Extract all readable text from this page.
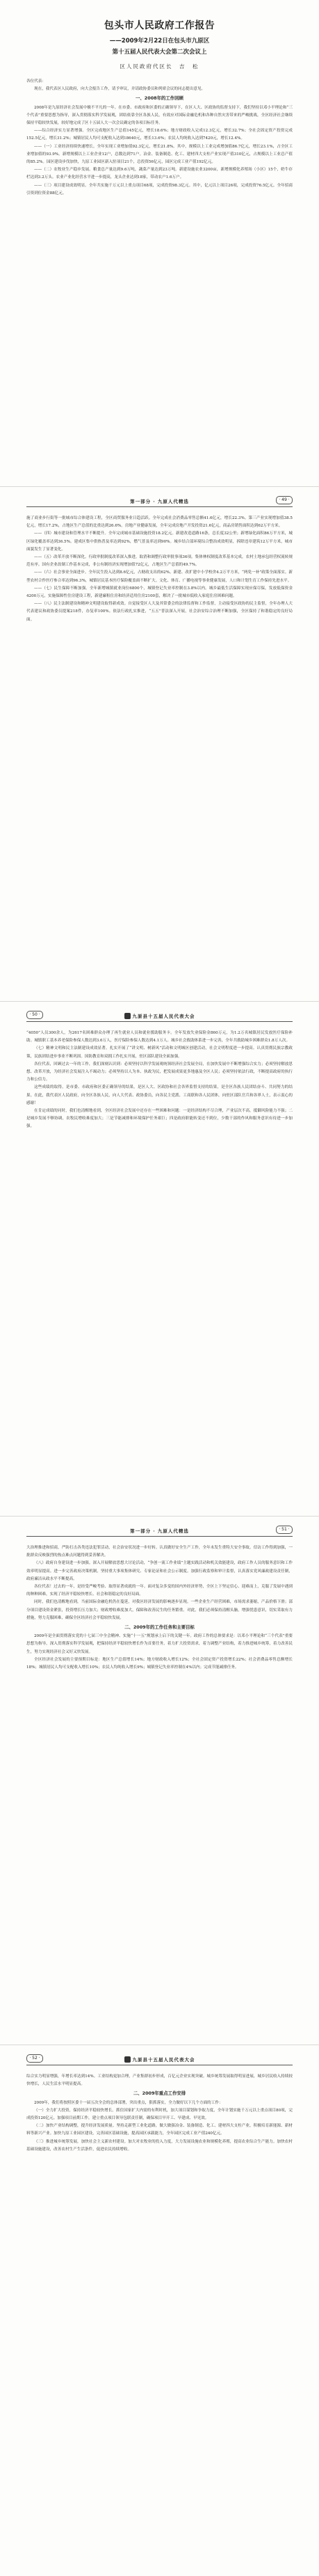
包头市人民政府工作报告
——2009年2月22日在包头市九原区
第十五届人民代表大会第二次会议上
区人民政府代区长　吉　松

各位代表：

现在，我代表区人民政府，向大会报告工作，请予审议，并请政协委员和列席会议的同志提出意见。

一、2008年的工作回顾

2008年是九原经济社会发展中极不平凡的一年。在市委、市政府和区委的正确领导下，在区人大、区政协的监督支持下，我们坚持以邓小平理论和“三个代表”重要思想为指导，深入贯彻落实科学发展观，团结依靠全区各族人民，有效应对国际金融危机和各种自然灾害带来的严峻挑战，全区经济社会继续保持平稳较快发展，较好地完成了区十五届人大一次会议确定的各项目标任务。

——综合经济实力显著增强。全区完成地区生产总值145亿元，增长18.6%；地方财政收入完成12.3亿元，增长32.7%；全社会固定资产投资完成152.5亿元，增长31.2%；城镇居民人均可支配收入达到18640元，增长13.6%；农民人均纯收入达到7420元，增长12.4%。

——（一）工业经济持续快速增长。全年实现工业增加值92.3亿元，增长21.8%。其中，规模以上工业完成增加值86.7亿元，增长23.1%，占全区工业增加值的93.9%。新增规模以上工业企业12户，总数达到71户。冶金、装备制造、化工、建材四大支柱产业实现产值310亿元，占规模以上工业总产值的85.2%。园区建设步伐加快，九原工业园区新入驻项目21个，总投资56亿元，园区完成工业产值192亿元。

——（二）农牧业生产稳步发展。粮食总产量达到9.6万吨，蔬菜产量达到23万吨。新建设施农业3200亩，新增规模化养殖场（小区）15个，奶牛存栏达到3.2万头。农业产业化经营水平进一步提高，龙头企业达到18家，带动农户1.6万户。

——（三）项目建设成效明显。全年共实施千万元以上重点项目68项，完成投资98.3亿元。其中，亿元以上项目26项，完成投资76.5亿元。全年招商引资到位资金88亿元。

第一部分 · 九原人代精选	· 49 ·

施了商业步行街等一批城市综合体建设工程，全区商贸服务业日趋活跃。全年完成社会消费品零售总额41.6亿元，增长22.3%。第三产业实现增加值38.5亿元，增长17.2%，占地区生产总值的比重达到26.6%。房地产业健康发展，全年完成房地产开发投资21.6亿元，商品房销售面积达到62万平方米。

——（四）城市建设和管理水平不断提升。全年完成城市基础设施投资18.2亿元。新建改造道路16条，总长度32公里；新增绿化面积86万平方米，城区绿化覆盖率达到36.5%。建成区集中供热普及率达到92%，燃气普及率达到90%。城乡结合部环境综合整治成效明显，拆除违章建筑12万平方米，城市面貌发生了显著变化。

——（五）改革开放不断深化。行政审批制度改革深入推进，取消和调整行政审批事项36项。集体林权制度改革基本完成，农村土地承包经营权流转规范有序。国有企业改制工作基本完成，非公有制经济实现增加值72亿元，占地区生产总值的49.7%。

——（六）社会事业全面进步。全年民生投入达到8.6亿元，占财政支出的62%。新建、改扩建中小学校舍4.2万平方米，“两免一补”政策全面落实。新型农村合作医疗参合率达到96.3%，城镇居民基本医疗保险覆盖面不断扩大。文化、体育、广播电视等事业健康发展，人口和计划生育工作保持先进水平。

——（七）民生保障不断加强。全年新增城镇就业岗位6800个，城镇登记失业率控制在3.8%以内。城乡最低生活保障实现应保尽保，发放低保资金4200万元。实施保障性住房建设工程，新建廉租住房和经济适用住房2100套，解决了一批城市低收入家庭住房困难问题。

——（八）民主法制建设和精神文明建设取得新成效。自觉接受区人大及其常委会的法律监督和工作监督，主动接受区政协的民主监督，全年办理人大代表建议和政协委员提案218件，办复率100%。依法行政扎实推进，“五五”普法深入开展，社会治安综合治理不断加强，全区保持了和谐稳定的良好局面。

· 50 ·	九原县十五届人民代表大会

“4050”人员300余人，为2617名困难群众办理了再生就业人员和就业援助服务卡。全年发放失业保险金860万元，为1.2万名城镇居民发放医疗保险补助。城镇职工基本养老保险参保人数达到3.6万人，医疗保险参保人数达到4.1万人。城乡社会救助体系进一步完善，全年共救助城乡困难群众1.8万人次。

（七）精神文明和民主法制建设成效显著。扎实开展了“讲文明、树新风”活动和文明城区创建活动，社会文明程度进一步提高。认真贯彻民族宗教政策，民族团结进步事业不断巩固。国防教育和双拥工作扎实开展，驻区部队建设全面加强。

各位代表，回顾过去一年的工作，我们深刻认识到：必须坚持以科学发展观统领经济社会发展全局，在加快发展中不断增强综合实力；必须坚持解放思想、改革开放，为经济社会发展注入不竭动力；必须坚持以人为本、执政为民，把发展成果更多地惠及全区人民；必须坚持依法行政，不断提高政府的执行力和公信力。

这些成绩的取得，是市委、市政府和区委正确领导的结果，是区人大、区政协和社会各界监督支持的结果，是全区各族人民团结奋斗、共同努力的结果。在此，我代表区人民政府，向全区各族人民，向人大代表、政协委员，向各民主党派、工商联和各人民团体，向驻区部队官兵和各界人士，表示衷心的感谢！

在肯定成绩的同时，我们也清醒地看到，全区经济社会发展中还存在一些困难和问题：一是经济结构不尽合理，产业层次不高，抵御风险能力不强；二是城乡发展不够协调，农牧民增收难度加大；三是节能减排和环境保护任务艰巨；四是政府职能转变还不到位，少数干部的作风和服务意识有待进一步加强。

第一部分 · 九原人代精选	· 51 ·

大治理推进和招商，严防打击各类违法犯罪活动，社会治安状况进一步好转。认真做好安全生产工作，全年未发生重特大安全事故。信访工作得到加强，一批群众反映强烈的热点难点问题得到妥善解决。

（八）政府自身建设进一步加强。深入开展解放思想大讨论活动，“争创一流工作业绩”主题实践活动和机关效能建设，政府工作人员的服务意识和工作效率明显提高。进一步完善政府决策机制，坚持重大事项集体研究、专家论证和社会公示制度。加强行政监察和审计监督，认真落实党风廉政建设责任制，政府廉洁从政水平不断提高。

各位代表！过去的一年，是经受严峻考验、取得显著成就的一年。面对复杂多变的国内外经济形势，全区上下坚定信心、迎难而上，克服了发展中遇到的种种困难，实现了经济平稳较快增长、社会和谐稳定的良好局面。

同时，我们也清醒地看到，当前国际金融危机仍在蔓延，对我区经济发展的影响逐步显现。一些企业生产经营困难，市场需求萎缩，产品价格下滑；部分项目建设资金紧张，投资增长压力加大；财政增收难度加大，保障和改善民生的任务繁重。对此，我们必须保持清醒头脑，增强忧患意识，切实采取有力措施，努力克服困难，确保全区经济社会平稳较快发展。

二、2009年的工作任务和主要目标

2009年是全面贯彻落实党的十七届三中全会精神、实施“十一五”规划承上启下的关键一年。政府工作的总体要求是：以邓小平理论和“三个代表”重要思想为指导，深入贯彻落实科学发展观，把保持经济平稳较快增长作为首要任务，着力扩大投资需求，着力调整产业结构，着力推进城乡统筹，着力改善民生，努力实现经济社会又好又快发展。

全区经济社会发展的主要预期目标是：地区生产总值增长14%；地方财政收入增长12%；全社会固定资产投资增长22%；社会消费品零售总额增长18%；城镇居民人均可支配收入增长10%；农民人均纯收入增长9%；城镇登记失业率控制在4%以内；完成节能减排任务。

· 52 ·	九原县十五届人民代表大会

综合实力明显增强，年增长率达到14%。工业结构更加合理，产业集群初步形成，百亿元企业实现突破。城乡统筹发展取得明显进展，城乡居民收入持续较快增长，人民生活水平明显提高。

二、2009年重点工作安排

2009年，我们将按照区委十一届五次全会的总体部署，突出重点，狠抓落实，全力做好以下几个方面的工作：

（一）全力扩大投资，保持经济平稳较快增长。抓住国家扩大内需的有利时机，加大项目谋划和争取力度，全年计划实施千万元以上重点项目80项，完成投资120亿元。加强项目前期工作，建立重点项目领导包联责任制，确保项目早开工、早建成、早见效。

（二）加快产业结构调整，提升经济发展质量。坚持走新型工业化道路，做大做强冶金、装备制造、化工、建材四大支柱产业，积极培育新能源、新材料等新兴产业。加快九原工业园区建设，完善园区基础设施，提高园区承载能力，全年园区完成工业产值240亿元。

（三）推进城乡统筹发展，加快社会主义新农村建设。加大对农牧业的投入力度，大力发展设施农业和规模化养殖，提高农业综合生产能力。加快农村基础设施建设，改善农村生产生活条件，促进农民持续增收。
